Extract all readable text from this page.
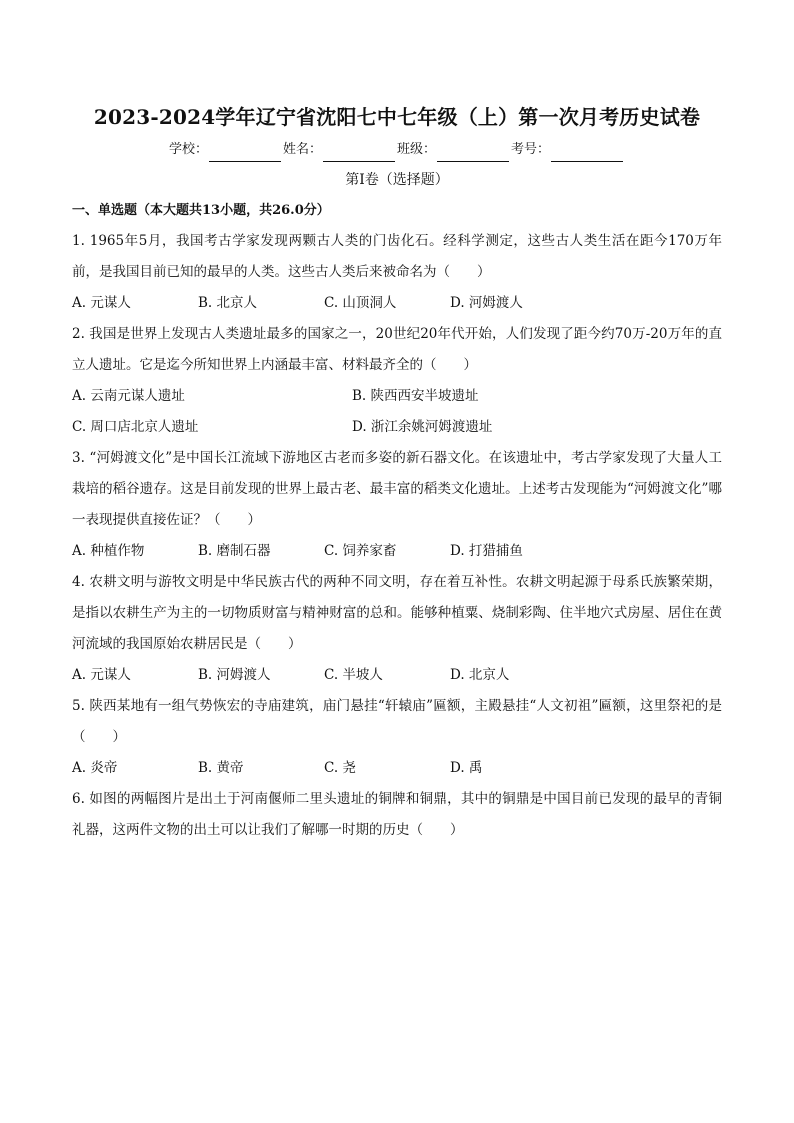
2023-2024学年辽宁省沈阳七中七年级（上）第一次月考历史试卷
学校：	姓名：	班级：	考号：
第Ⅰ卷（选择题）
一、单选题（本大题共13小题，共26.0分）
1. 1965年5月，我国考古学家发现两颗古人类的门齿化石。经科学测定，这些古人类生活在距今170万年前，是我国目前已知的最早的人类。这些古人类后来被命名为（　　）
A. 元谋人	B. 北京人	C. 山顶洞人	D. 河姆渡人
2. 我国是世界上发现古人类遗址最多的国家之一，20世纪20年代开始，人们发现了距今约70万-20万年的直立人遗址。它是迄今所知世界上内涵最丰富、材料最齐全的（　　）
A. 云南元谋人遗址	B. 陕西西安半坡遗址
C. 周口店北京人遗址	D. 浙江余姚河姆渡遗址
3. “河姆渡文化”是中国长江流域下游地区古老而多姿的新石器文化。在该遗址中，考古学家发现了大量人工栽培的稻谷遗存。这是目前发现的世界上最古老、最丰富的稻类文化遗址。上述考古发现能为“河姆渡文化”哪一表现提供直接佐证？（　　）
A. 种植作物	B. 磨制石器	C. 饲养家畜	D. 打猎捕鱼
4. 农耕文明与游牧文明是中华民族古代的两种不同文明，存在着互补性。农耕文明起源于母系氏族繁荣期，是指以农耕生产为主的一切物质财富与精神财富的总和。能够种植粟、烧制彩陶、住半地穴式房屋、居住在黄河流域的我国原始农耕居民是（　　）
A. 元谋人	B. 河姆渡人	C. 半坡人	D. 北京人
5. 陕西某地有一组气势恢宏的寺庙建筑，庙门悬挂“轩辕庙”匾额，主殿悬挂“人文初祖”匾额，这里祭祀的是（　　）
A. 炎帝	B. 黄帝	C. 尧	D. 禹
6. 如图的两幅图片是出土于河南偃师二里头遗址的铜牌和铜鼎，其中的铜鼎是中国目前已发现的最早的青铜礼器，这两件文物的出土可以让我们了解哪一时期的历史（　　）
